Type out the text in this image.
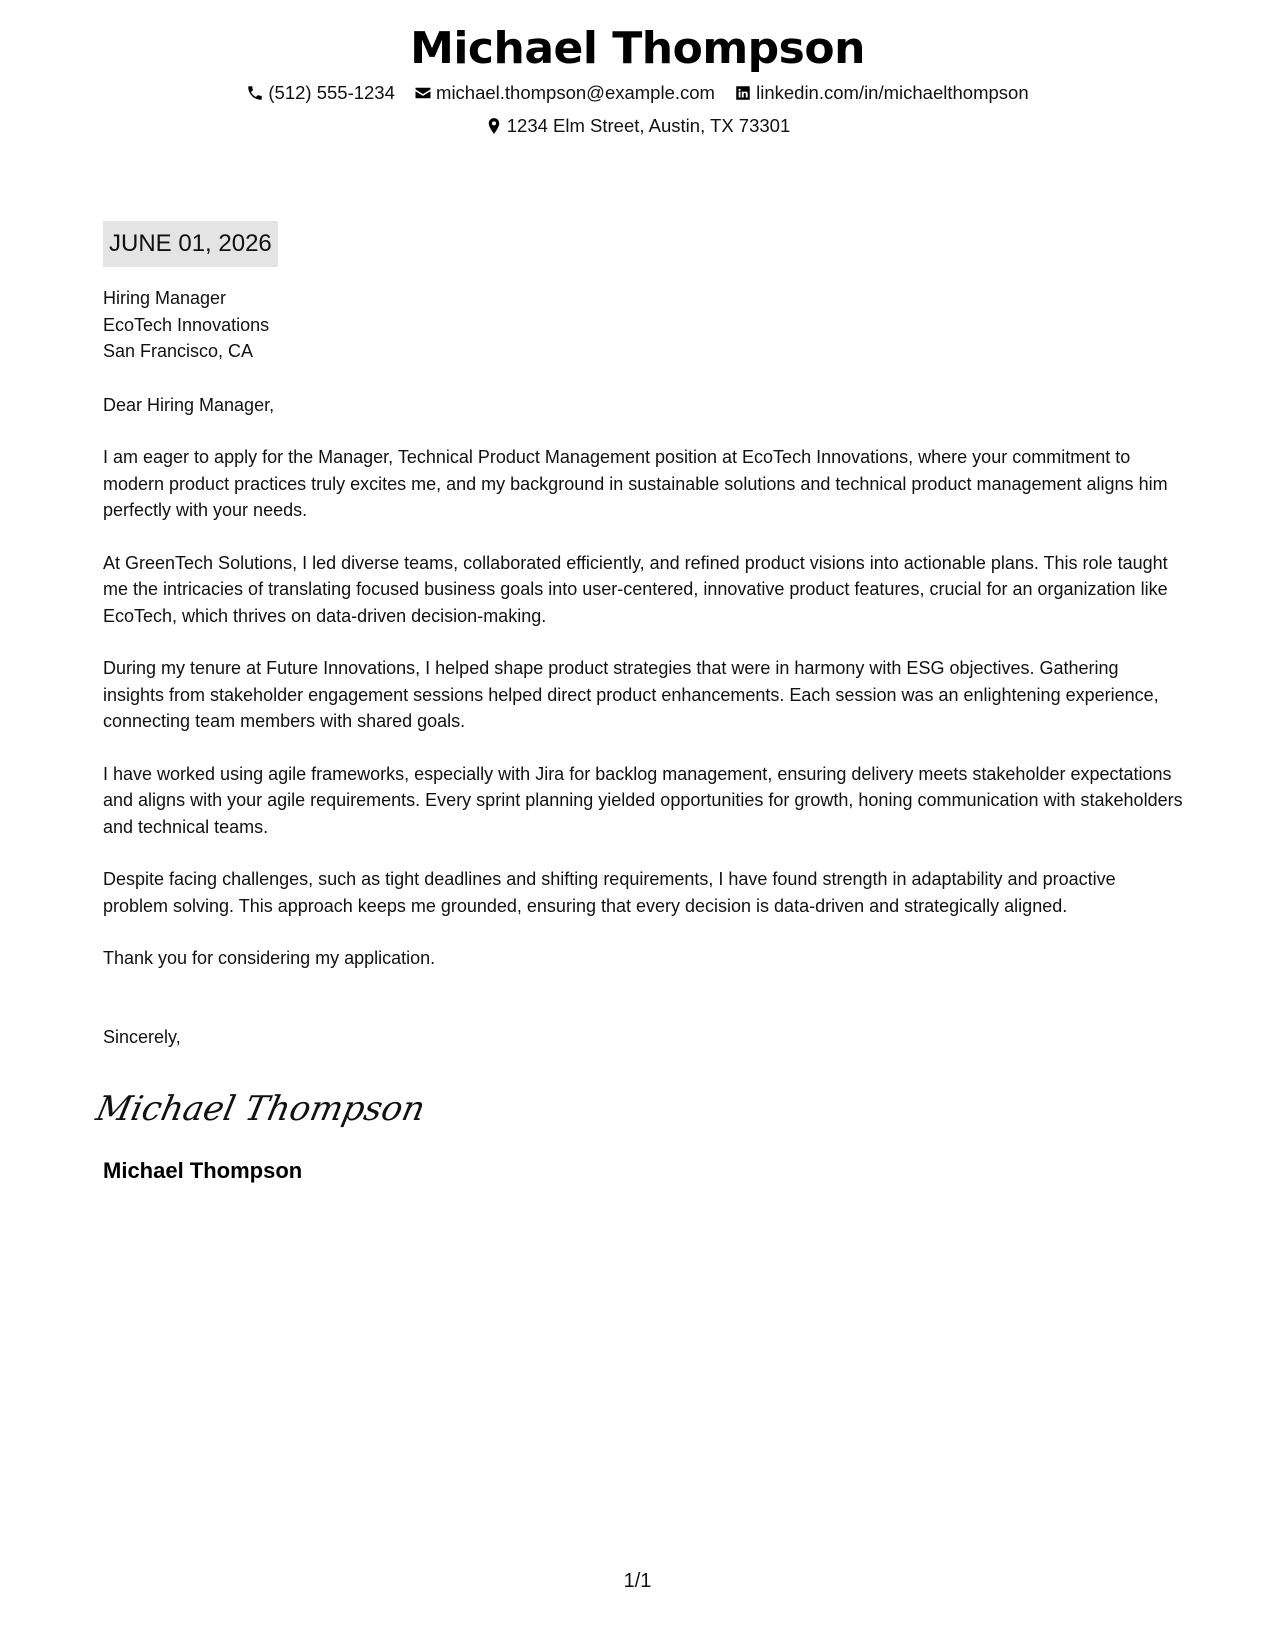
Michael Thompson
(512) 555-1234
michael.thompson@example.com
linkedin.com/in/michaelthompson
1234 Elm Street, Austin, TX 73301
JUNE 01, 2026
Hiring Manager
EcoTech Innovations
San Francisco, CA
Dear Hiring Manager,

I am eager to apply for the Manager, Technical Product Management position at EcoTech Innovations, where your commitment to modern product practices truly excites me, and my background in sustainable solutions and technical product management aligns him perfectly with your needs.

At GreenTech Solutions, I led diverse teams, collaborated efficiently, and refined product visions into actionable plans. This role taught me the intricacies of translating focused business goals into user-centered, innovative product features, crucial for an organization like EcoTech, which thrives on data-driven decision-making.

During my tenure at Future Innovations, I helped shape product strategies that were in harmony with ESG objectives. Gathering insights from stakeholder engagement sessions helped direct product enhancements. Each session was an enlightening experience, connecting team members with shared goals.

I have worked using agile frameworks, especially with Jira for backlog management, ensuring delivery meets stakeholder expectations and aligns with your agile requirements. Every sprint planning yielded opportunities for growth, honing communication with stakeholders and technical teams.

Despite facing challenges, such as tight deadlines and shifting requirements, I have found strength in adaptability and proactive problem solving. This approach keeps me grounded, ensuring that every decision is data-driven and strategically aligned.

Thank you for considering my application.

Sincerely,
Michael Thompson
Michael Thompson
1/1
